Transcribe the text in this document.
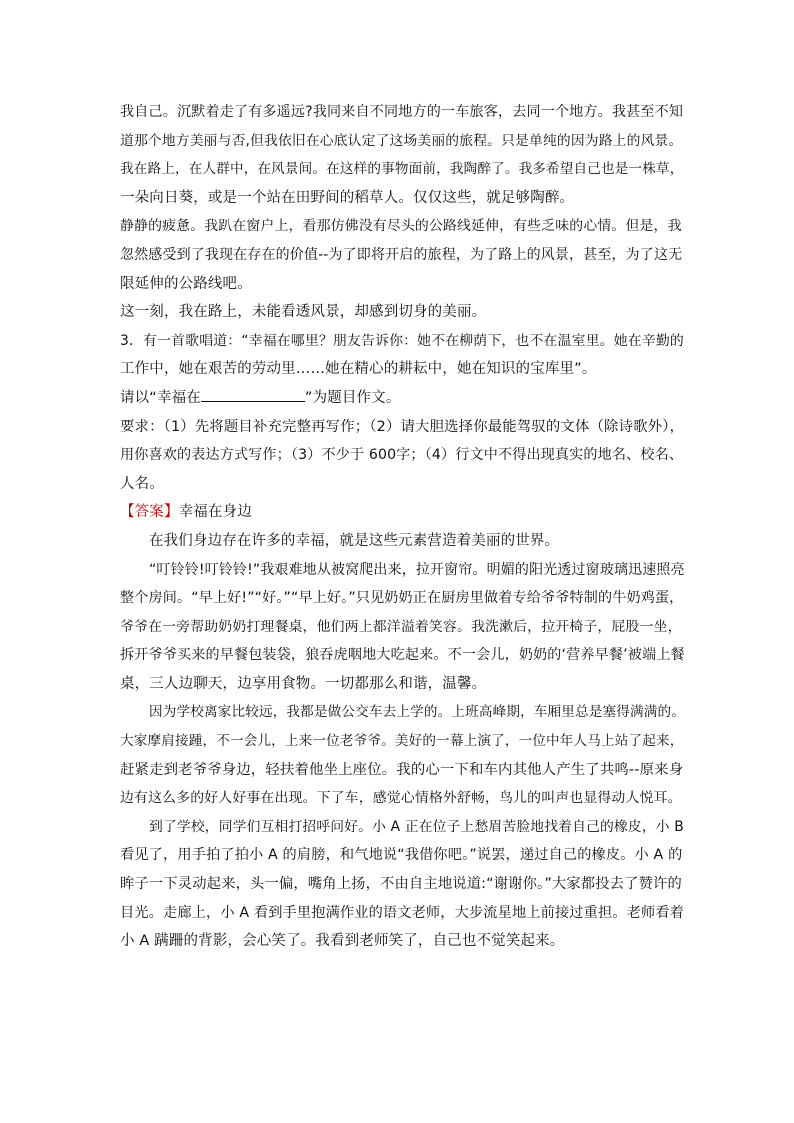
我自己。沉默着走了有多遥远?我同来自不同地方的一车旅客，去同一个地方。我甚至不知
道那个地方美丽与否,但我依旧在心底认定了这场美丽的旅程。只是单纯的因为路上的风景。
我在路上，在人群中，在风景间。在这样的事物面前，我陶醉了。我多希望自己也是一株草，
一朵向日葵，或是一个站在田野间的稻草人。仅仅这些，就足够陶醉。
静静的疲惫。我趴在窗户上，看那仿佛没有尽头的公路线延伸，有些乏味的心情。但是，我
忽然感受到了我现在存在的价值--为了即将开启的旅程，为了路上的风景，甚至，为了这无
限延伸的公路线吧。
这一刻，我在路上，未能看透风景，却感到切身的美丽。
3．有一首歌唱道：“幸福在哪里？朋友告诉你：她不在柳荫下，也不在温室里。她在辛勤的
工作中，她在艰苦的劳动里……她在精心的耕耘中，她在知识的宝库里”。
请以“幸福在	”为题目作文。
要求：（1）先将题目补充完整再写作；（2）请大胆选择你最能驾驭的文体（除诗歌外），
用你喜欢的表达方式写作；（3）不少于 600字；（4）行文中不得出现真实的地名、校名、
人名。
【答案】幸福在身边
在我们身边存在许多的幸福，就是这些元素营造着美丽的世界。
“叮铃铃!叮铃铃!”我艰难地从被窝爬出来，拉开窗帘。明媚的阳光透过窗玻璃迅速照亮
整个房间。“早上好!”“好。”“早上好。”只见奶奶正在厨房里做着专给爷爷特制的牛奶鸡蛋，
爷爷在一旁帮助奶奶打理餐桌，他们两上都洋溢着笑容。我洗漱后，拉开椅子，屁股一坐，
拆开爷爷买来的早餐包装袋，狼吞虎咽地大吃起来。不一会儿，奶奶的‘营养早餐’被端上餐
桌，三人边聊天，边享用食物。一切都那么和谐，温馨。
因为学校离家比较远，我都是做公交车去上学的。上班高峰期，车厢里总是塞得满满的。
大家摩肩接踵，不一会儿，上来一位老爷爷。美好的一幕上演了，一位中年人马上站了起来，
赶紧走到老爷爷身边，轻扶着他坐上座位。我的心一下和车内其他人产生了共鸣--原来身
边有这么多的好人好事在出现。下了车，感觉心情格外舒畅，鸟儿的叫声也显得动人悦耳。
到了学校，同学们互相打招呼问好。小 A 正在位子上愁眉苦脸地找着自己的橡皮，小 B
看见了，用手拍了拍小 A 的肩膀，和气地说“我借你吧。”说罢，递过自己的橡皮。小 A 的
眸子一下灵动起来，头一偏，嘴角上扬，不由自主地说道:“谢谢你。”大家都投去了赞许的
目光。走廊上，小 A 看到手里抱满作业的语文老师，大步流星地上前接过重担。老师看着
小 A 蹒跚的背影，会心笑了。我看到老师笑了，自己也不觉笑起来。
